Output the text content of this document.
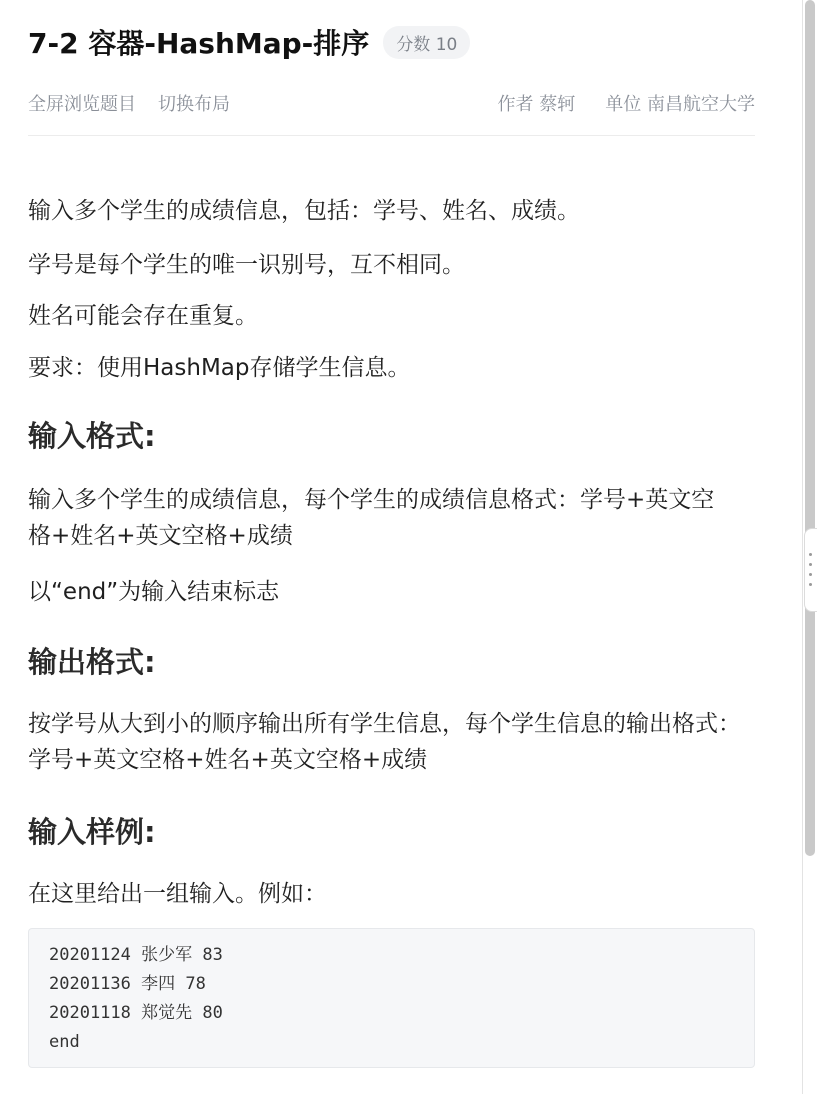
7-2 容器-HashMap-排序	分数 10
全屏浏览题目 切换布局	作者 蔡轲 单位 南昌航空大学
输入多个学生的成绩信息，包括：学号、姓名、成绩。
学号是每个学生的唯一识别号，互不相同。
姓名可能会存在重复。
要求：使用HashMap存储学生信息。
输入格式:
输入多个学生的成绩信息，每个学生的成绩信息格式：学号+英文空格+姓名+英文空格+成绩
以“end”为输入结束标志
输出格式:
按学号从大到小的顺序输出所有学生信息，每个学生信息的输出格式：学号+英文空格+姓名+英文空格+成绩
输入样例:
在这里给出一组输入。例如：
20201124 张少军 83
20201136 李四 78
20201118 郑觉先 80
end
